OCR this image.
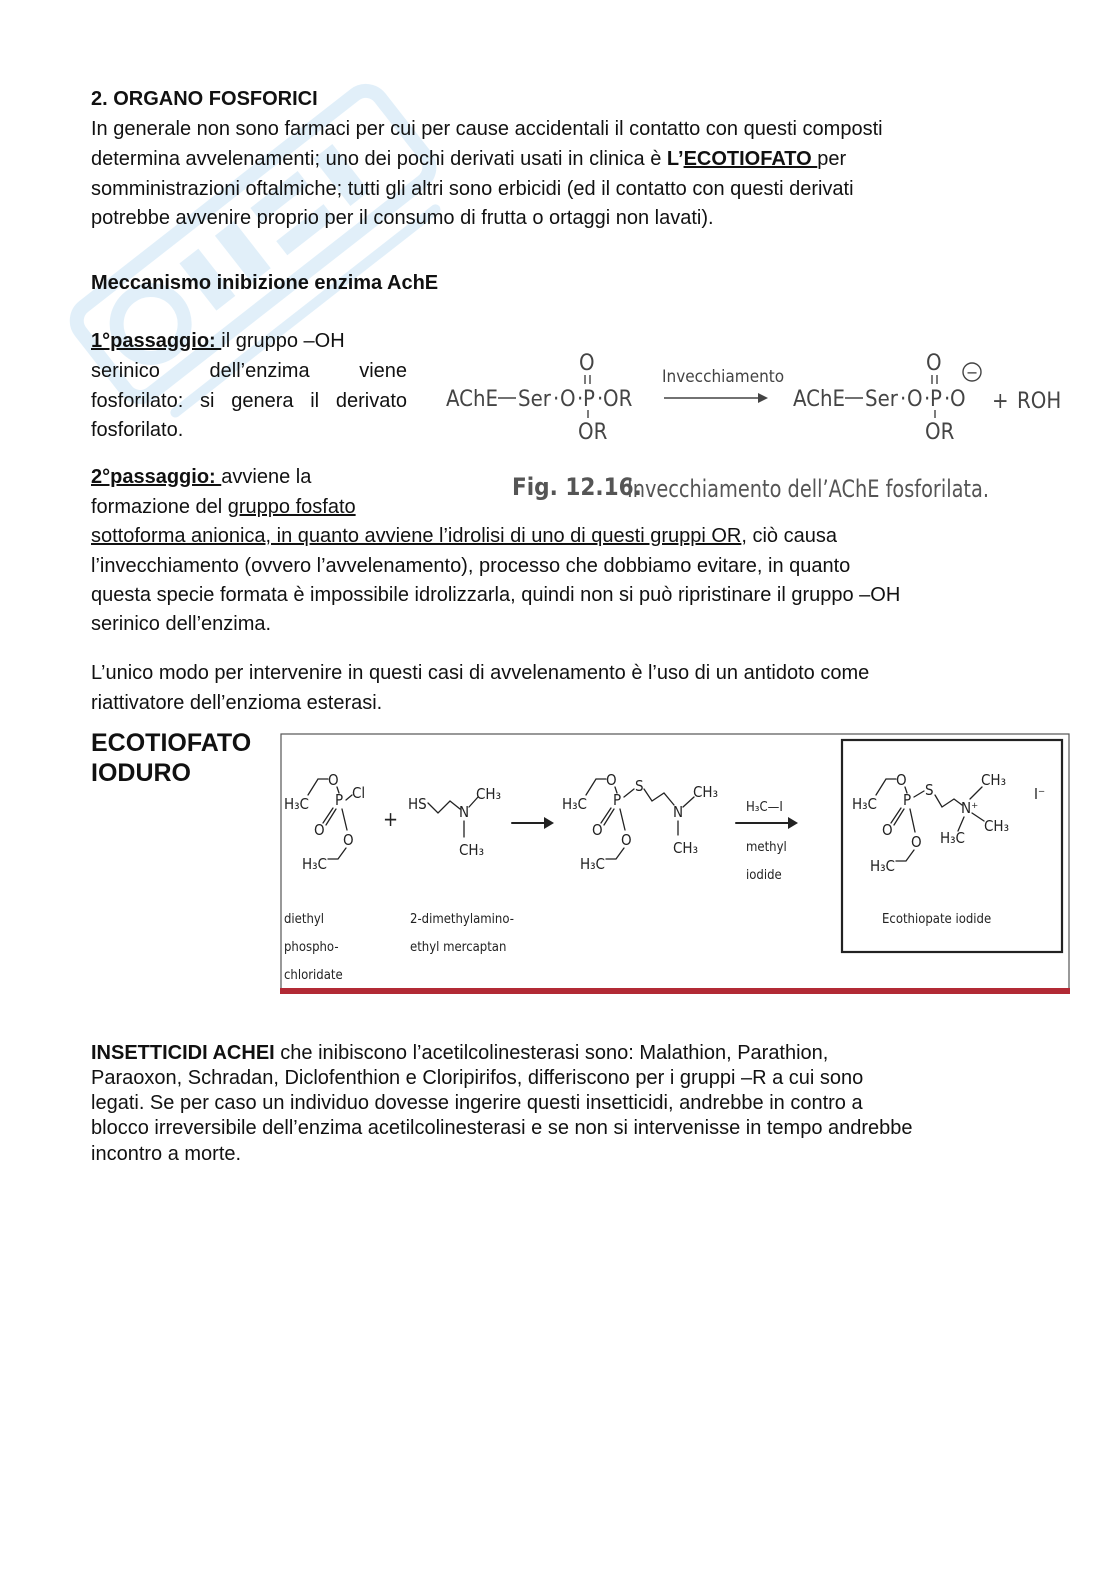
2. ORGANO FOSFORICI

In generale non sono farmaci per cui per cause accidentali il contatto con questi composti

determina avvelenamenti; uno dei pochi derivati usati in clinica è L’ECOTIOFATO per

somministrazioni oftalmiche; tutti gli altri sono erbicidi (ed il contatto con questi derivati

potrebbe avvenire proprio per il consumo di frutta o ortaggi non lavati).

Meccanismo inibizione enzima AchE

1°passaggio: il gruppo –OH

serinico dell’enzima viene

fosforilato: si genera il derivato

fosforilato.

2°passaggio: avviene la

formazione del gruppo fosfato

sottoforma anionica, in quanto avviene l’idrolisi di uno di questi gruppi OR, ciò causa

l’invecchiamento (ovvero l’avvelenamento), processo che dobbiamo evitare, in quanto

questa specie formata è impossibile idrolizzarla, quindi non si può ripristinare il gruppo –OH

serinico dell’enzima.

L’unico modo per intervenire in questi casi di avvelenamento è l’uso di un antidoto come

riattivatore dell’enzioma esterasi.

AChE Ser · O · P · OR
O
OR
Invecchiamento
AChE Ser · O · P · O
O
OR
−
+ ROH
Fig. 12.16.
Invecchiamento dell’AChE fosforilata.

ECOTIOFATO

IODURO

H₃C
O
P Cl
O
O
H₃C
+
HS N
CH₃
CH₃
H₃C
O
P
S
O
O
H₃C
N
CH₃
CH₃
H₃C—I
methyl
iodide
H₃C
O
P
S
O
O
H₃C
N⁺
CH₃
CH₃
H₃C
I⁻
diethyl
phospho-
chloridate
2-dimethylamino-
ethyl mercaptan
Ecothiopate iodide

INSETTICIDI ACHEI che inibiscono l’acetilcolinesterasi sono: Malathion, Parathion,

Paraoxon, Schradan, Diclofenthion e Cloripirifos, differiscono per i gruppi –R a cui sono

legati. Se per caso un individuo dovesse ingerire questi insetticidi, andrebbe in contro a

blocco irreversibile dell’enzima acetilcolinesterasi e se non si intervenisse in tempo andrebbe

incontro a morte.
